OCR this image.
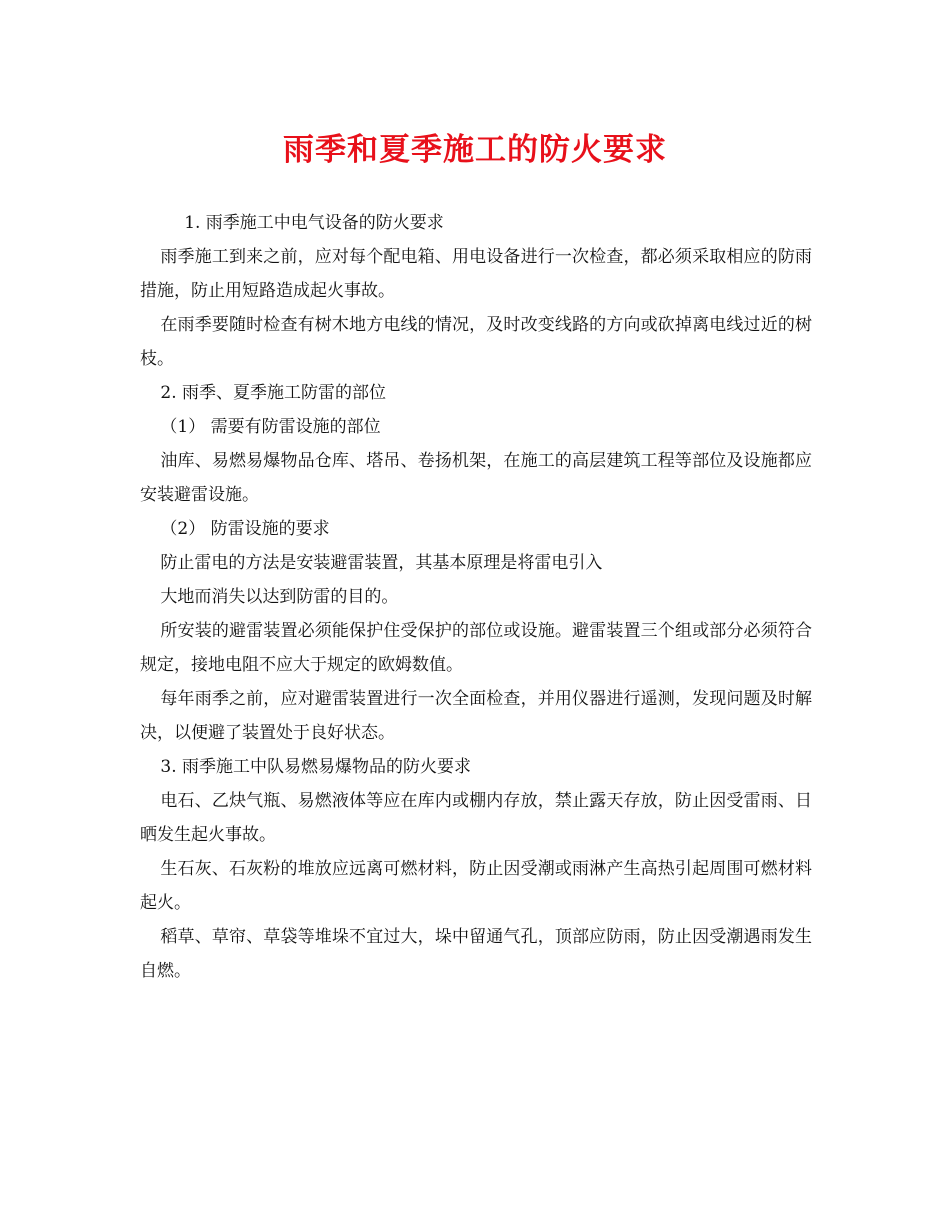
雨季和夏季施工的防火要求

1. 雨季施工中电气设备的防火要求

雨季施工到来之前，应对每个配电箱、用电设备进行一次检查，都必须采取相应的防雨措施，防止用短路造成起火事故。

在雨季要随时检查有树木地方电线的情况，及时改变线路的方向或砍掉离电线过近的树枝。

2. 雨季、夏季施工防雷的部位

（1） 需要有防雷设施的部位

油库、易燃易爆物品仓库、塔吊、卷扬机架，在施工的高层建筑工程等部位及设施都应安装避雷设施。

（2） 防雷设施的要求

防止雷电的方法是安装避雷装置，其基本原理是将雷电引入

大地而消失以达到防雷的目的。

所安装的避雷装置必须能保护住受保护的部位或设施。避雷装置三个组或部分必须符合规定，接地电阻不应大于规定的欧姆数值。

每年雨季之前，应对避雷装置进行一次全面检查，并用仪器进行遥测，发现问题及时解决，以便避了装置处于良好状态。

3. 雨季施工中队易燃易爆物品的防火要求

电石、乙炔气瓶、易燃液体等应在库内或棚内存放，禁止露天存放，防止因受雷雨、日晒发生起火事故。

生石灰、石灰粉的堆放应远离可燃材料，防止因受潮或雨淋产生高热引起周围可燃材料起火。

稻草、草帘、草袋等堆垛不宜过大，垛中留通气孔，顶部应防雨，防止因受潮遇雨发生自燃。
